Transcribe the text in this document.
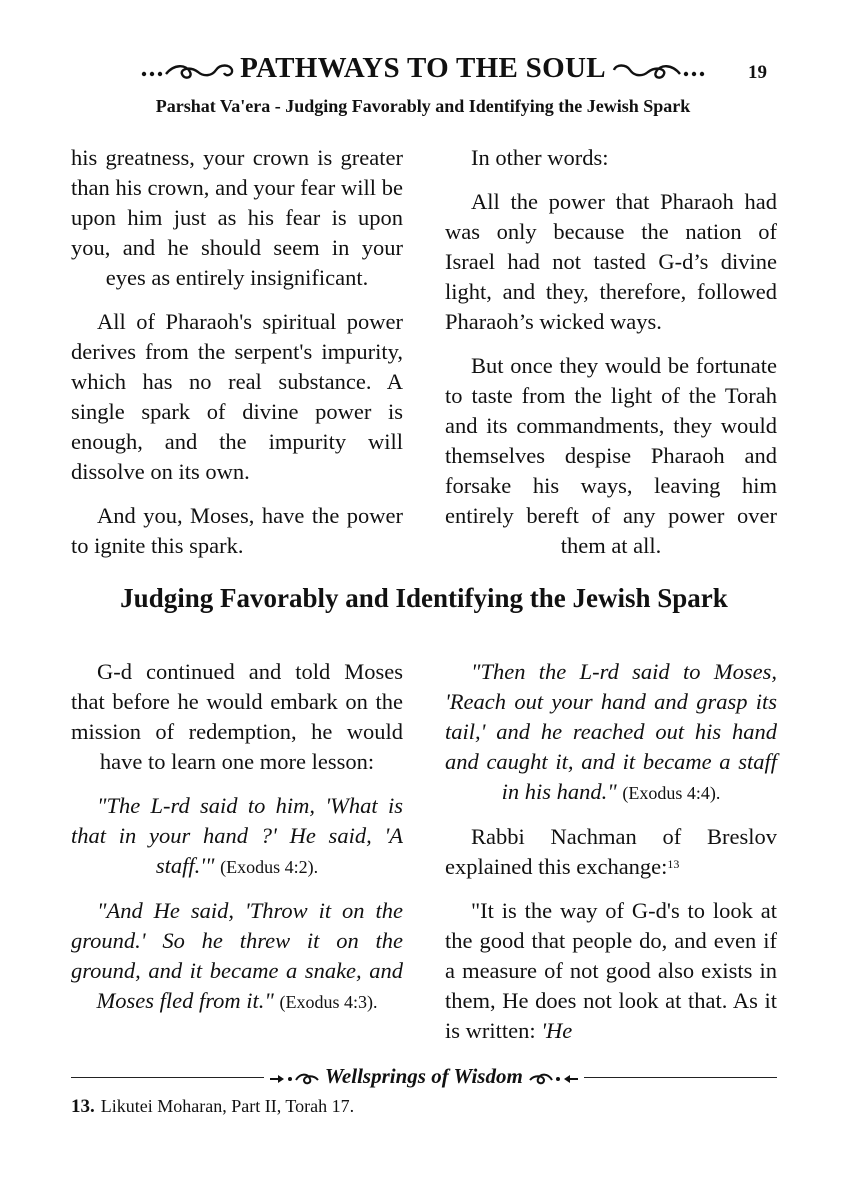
PATHWAYS TO THE SOUL	19
Parshat Va'era - Judging Favorably and Identifying the Jewish Spark

his greatness, your crown is greater than his crown, and your fear will be upon him just as his fear is upon you, and he should seem in your eyes as entirely insignificant.

All of Pharaoh's spiritual power derives from the serpent's impurity, which has no real substance. A single spark of divine power is enough, and the impurity will dissolve on its own.

And you, Moses, have the power to ignite this spark.

In other words:

All the power that Pharaoh had was only because the nation of Israel had not tasted G-d’s divine light, and they, therefore, followed Pharaoh’s wicked ways.

But once they would be fortunate to taste from the light of the Torah and its commandments, they would themselves despise Pharaoh and forsake his ways, leaving him entirely bereft of any power over them at all.

Judging Favorably and Identifying the Jewish Spark

G-d continued and told Moses that before he would embark on the mission of redemption, he would have to learn one more lesson:

"The L-rd said to him, 'What is that in your hand ?' He said, 'A staff.'" (Exodus 4:2).

"And He said, 'Throw it on the ground.' So he threw it on the ground, and it became a snake, and Moses fled from it." (Exodus 4:3).

"Then the L-rd said to Moses, 'Reach out your hand and grasp its tail,' and he reached out his hand and caught it, and it became a staff in his hand." (Exodus 4:4).

Rabbi Nachman of Breslov explained this exchange:$^{13}$

"It is the way of G-d's to look at the good that people do, and even if a measure of not good also exists in them, He does not look at that. As it is written: 'He

Wellsprings of Wisdom
13. Likutei Moharan, Part II, Torah 17.
